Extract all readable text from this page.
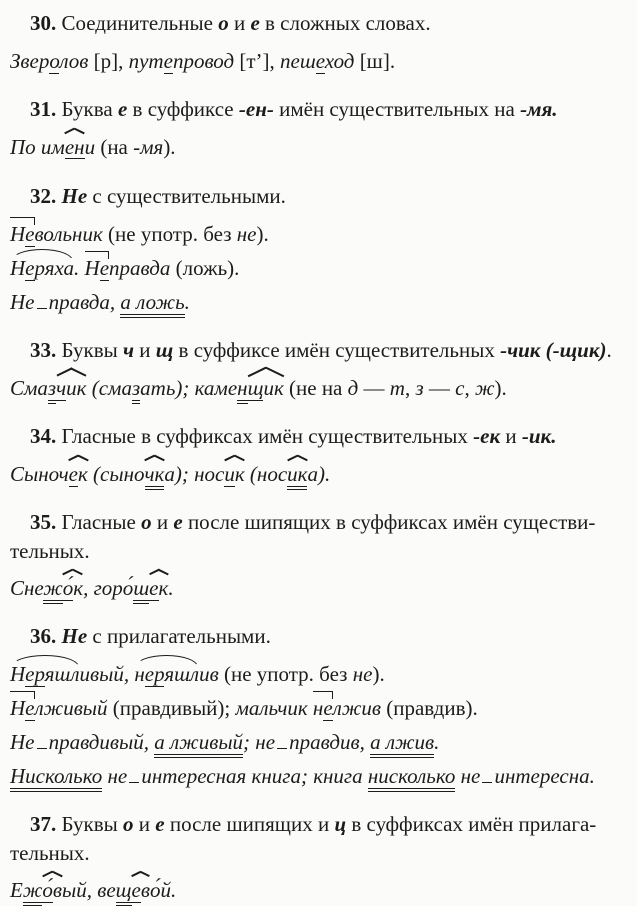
30. Соединительные о и е в сложных словах.

Зверолов [р], путепровод [т’], пешеход [ш].

31. Буква е в суффиксе -ен- имён существительных на -мя.

По имени (на -мя).

32. Не с существительными.

Невольник (не употр. без не).

Неряха. Неправда (ложь).

Не правда, а ложь.

33. Буквы ч и щ в суффиксе имён существительных -чик (-щик).

Смазчик (смазать); каменщик (не на д — т, з — с, ж).

34. Гласные в суффиксах имён существительных -ек и -ик.

Сыночек (сыночка); носик (носика).

35. Гласные о и е после шипящих в суффиксах имён существи-

тельных.

Снежо́к, горо́шек.

36. Не с прилагательными.

Неряшливый, неряшлив (не употр. без не).

Нелживый (правдивый); мальчик нелжив (правдив).

Не правдивый, а лживый; не правдив, а лжив.

Нисколько не интересная книга; книга нисколько не интересна.

37. Буквы о и е после шипящих и ц в суффиксах имён прилага-

тельных.

Ежо́вый, вещево́й.
